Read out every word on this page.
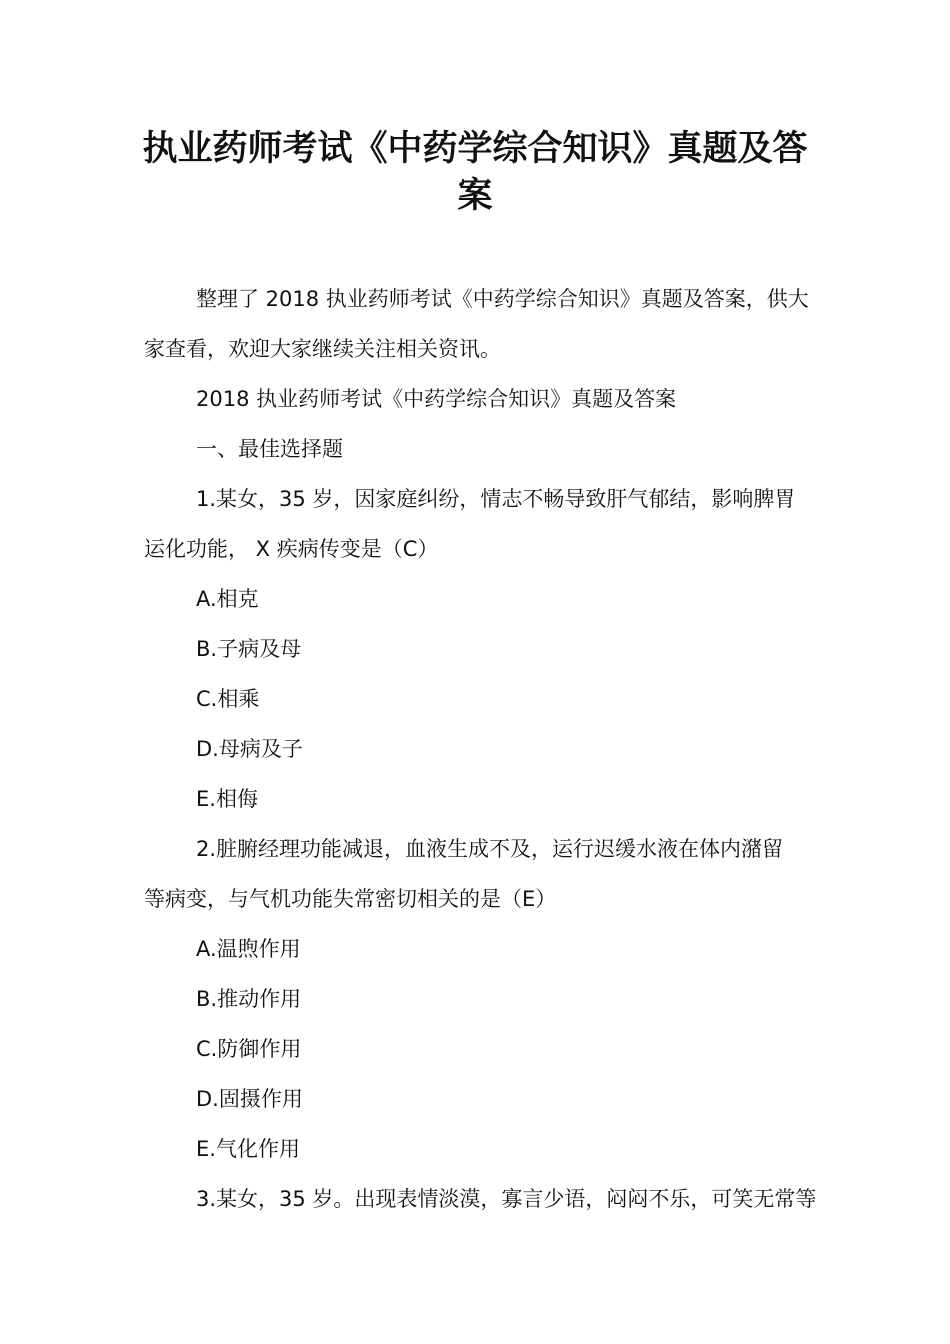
执业药师考试《中药学综合知识》真题及答案
整理了 2018 执业药师考试《中药学综合知识》真题及答案，供大
家查看，欢迎大家继续关注相关资讯。
2018 执业药师考试《中药学综合知识》真题及答案
一、最佳选择题
1.某女，35 岁，因家庭纠纷，情志不畅导致肝气郁结，影响脾胃
运化功能， X 疾病传变是（C）
A.相克
B.子病及母
C.相乘
D.母病及子
E.相侮
2.脏腑经理功能减退，血液生成不及，运行迟缓水液在体内潴留
等病变，与气机功能失常密切相关的是（E）
A.温煦作用
B.推动作用
C.防御作用
D.固摄作用
E.气化作用
3.某女，35 岁。出现表情淡漠，寡言少语，闷闷不乐，可笑无常等
